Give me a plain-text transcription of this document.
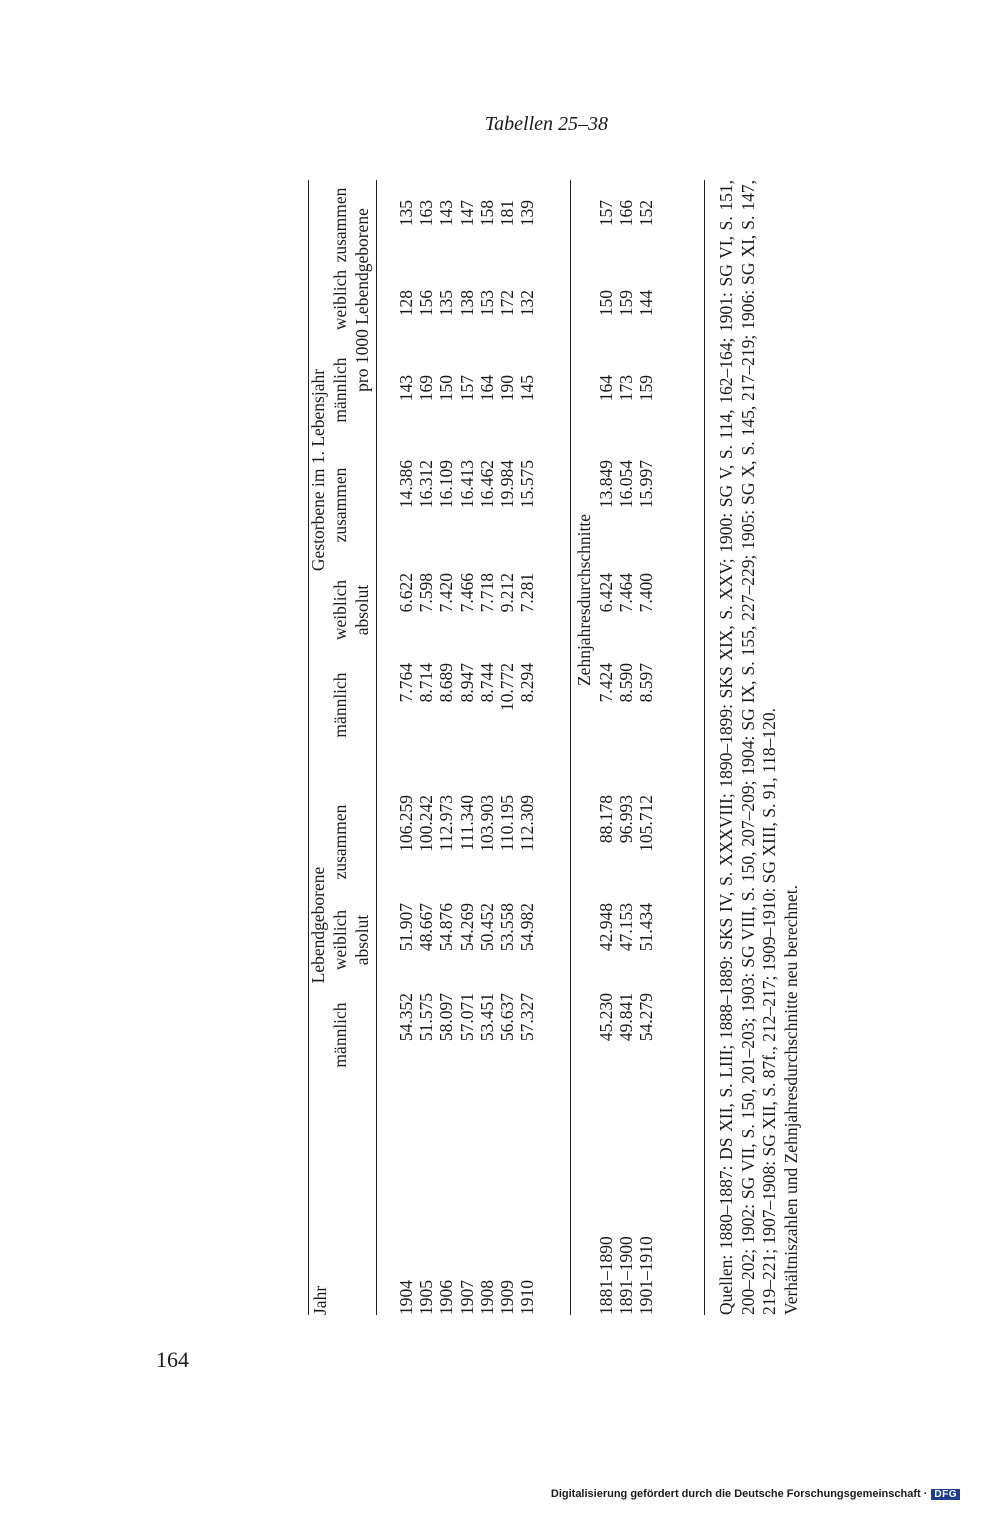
Tabellen 25–38
164
Jahr
Lebendgeborene
Gestorbene im 1. Lebensjahr
männlich
weiblich
zusammen
absolut
männlich
weiblich
zusammen
absolut
männlich
weiblich
zusammen pro 1000 Lebendgeborene
Zehnjahresdurchschnitte	Quellen: 1880–1887: DS XII, S. LIII; 1888–1889: SKS IV, S. XXXVIII; 1890–1899: SKS XIX, S. XXV; 1900: SG V, S. 114, 162–164; 1901: SG VI, S. 151, 200–202; 1902: SG VII, S. 150, 201–203; 1903: SG VIII, S. 150, 207–209; 1904: SG IX, S. 155, 227–229; 1905: SG X, S. 145, 217–219; 1906: SG XI, S. 147, 219–221; 1907–1908: SG XII, S. 87f., 212–217; 1909–1910: SG XIII, S. 91, 118–120.
Verhältniszahlen und Zehnjahresdurchschnitte neu berechnet.
1904
54.352
51.907
106.259
7.764
6.622
14.386
143
128
135
1905
51.575
48.667
100.242
8.714
7.598
16.312
169
156
163
1906
58.097
54.876
112.973
8.689
7.420
16.109
150
135
143
1907
57.071
54.269
111.340
8.947
7.466
16.413
157
138
147
1908
53.451
50.452
103.903
8.744
7.718
16.462
164
153
158
1909
56.637
53.558
110.195
10.772
9.212
19.984
190
172
181
1910
57.327
54.982
112.309
8.294
7.281
15.575
145
132
139
1881–1890
45.230
42.948
88.178
7.424
6.424
13.849
164
150
157
1891–1900
49.841
47.153
96.993
8.590
7.464
16.054
173
159
166
1901–1910
54.279
51.434
105.712
8.597
7.400
15.997
159
144
152
Digitalisierung gefördert durch die Deutsche Forschungsgemeinschaft · DFG
